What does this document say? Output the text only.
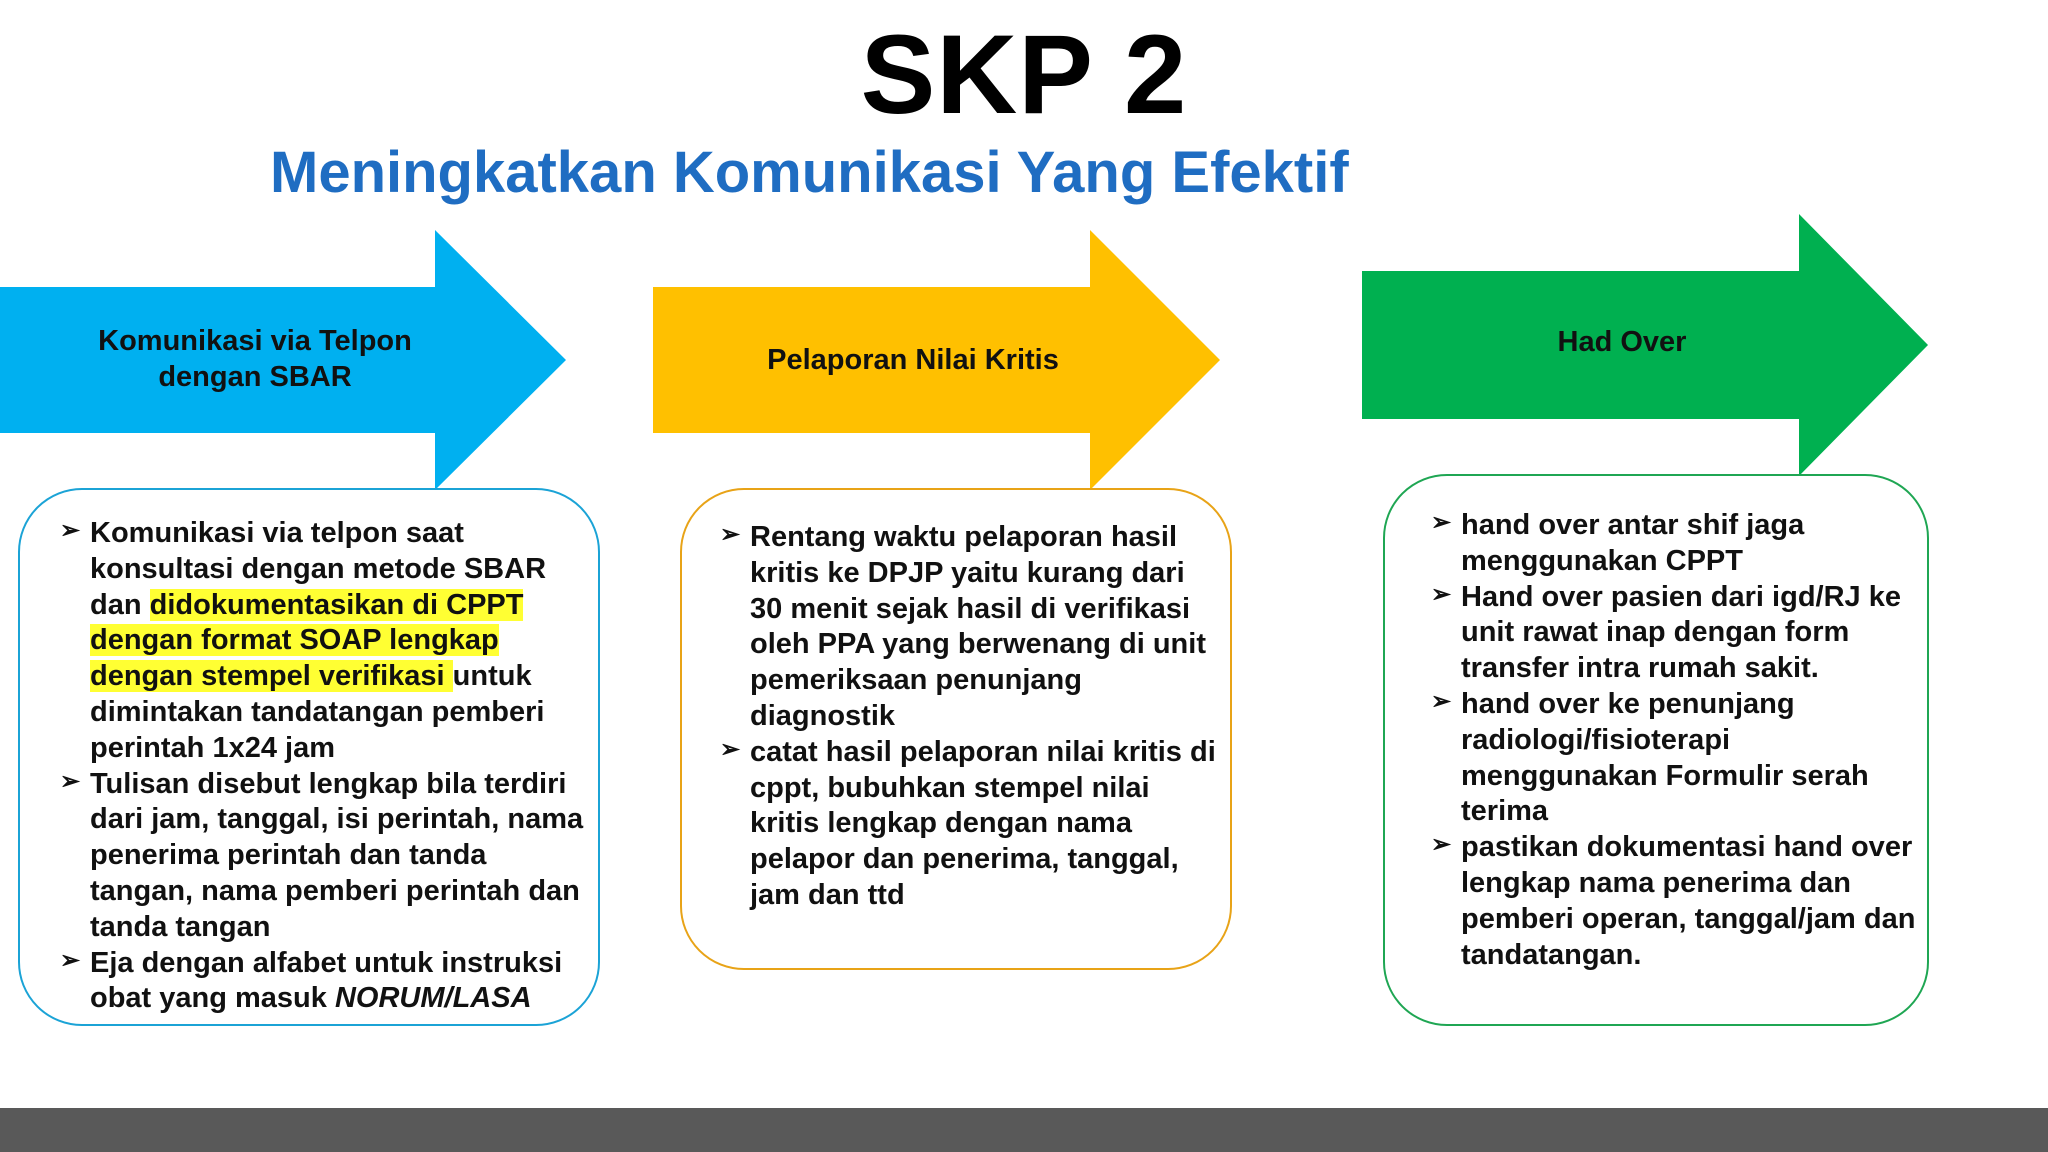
SKP 2
Meningkatkan Komunikasi Yang Efektif
Komunikasi via Telpon
dengan SBAR
Pelaporan Nilai Kritis
Had Over
➢ Komunikasi via telpon saat konsultasi dengan metode SBAR dan didokumentasikan di CPPT dengan format SOAP lengkap dengan stempel verifikasi untuk dimintakan tandatangan pemberi perintah 1x24 jam
➢ Tulisan disebut lengkap bila terdiri dari jam, tanggal, isi perintah, nama penerima perintah dan tanda tangan, nama pemberi perintah dan tanda tangan
➢ Eja dengan alfabet untuk instruksi obat yang masuk NORUM/LASA
➢ Rentang waktu pelaporan hasil kritis ke DPJP yaitu kurang dari 30 menit sejak hasil di verifikasi oleh PPA yang berwenang di unit pemeriksaan penunjang diagnostik
➢ catat hasil pelaporan nilai kritis di cppt, bubuhkan stempel nilai kritis lengkap dengan nama pelapor dan penerima, tanggal, jam dan ttd
➢ hand over antar shif jaga menggunakan CPPT
➢ Hand over pasien dari igd/RJ ke unit rawat inap dengan form transfer intra rumah sakit.
➢ hand over ke penunjang radiologi/fisioterapi menggunakan Formulir serah terima
➢ pastikan dokumentasi hand over lengkap nama penerima dan pemberi operan, tanggal/jam dan tandatangan.
